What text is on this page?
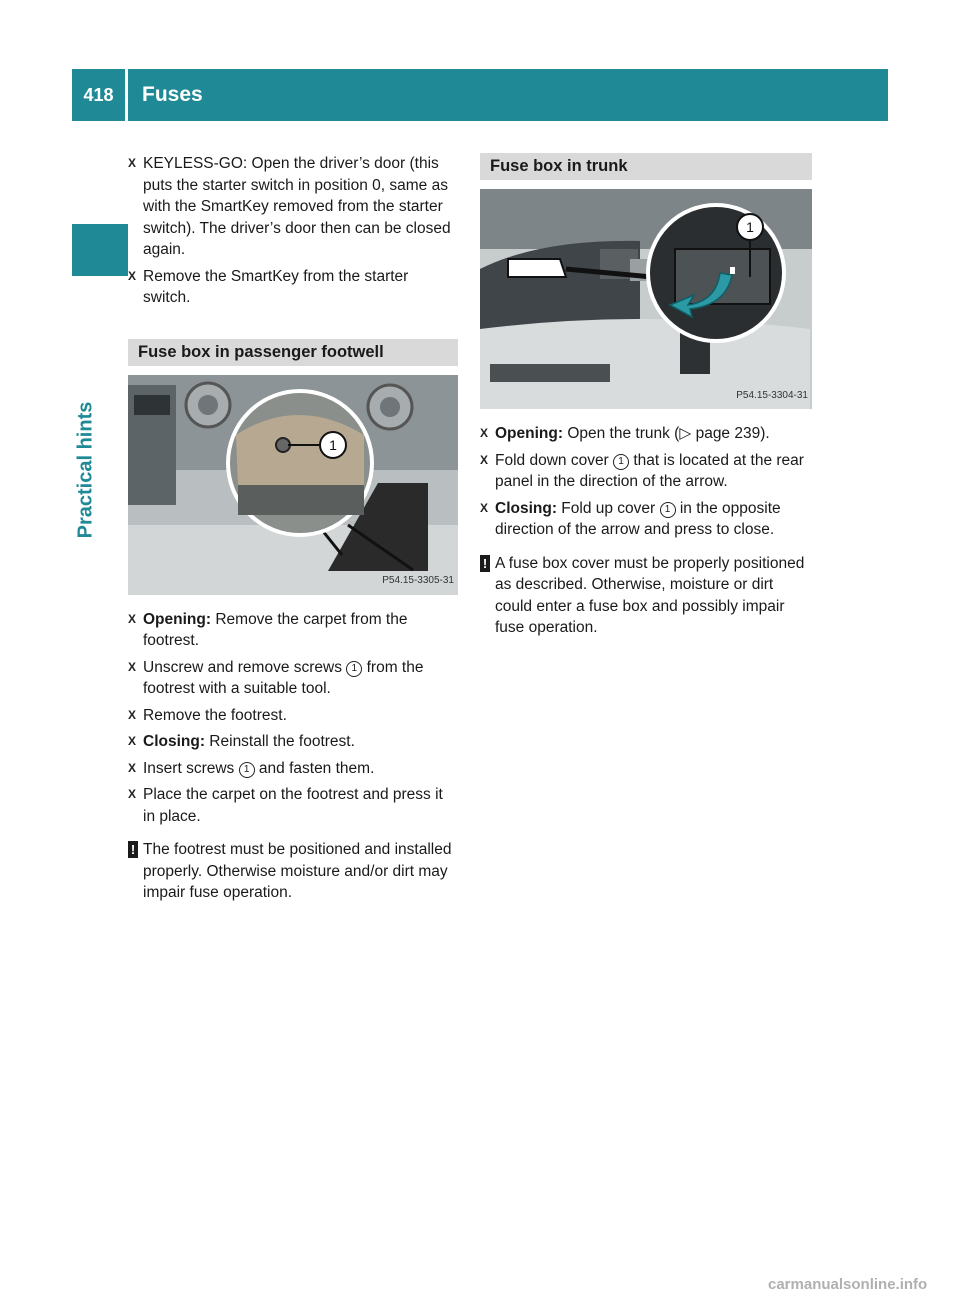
418	Fuses
Practical hints
X KEYLESS-GO: Open the driver’s door (this puts the starter switch in position 0, same as with the SmartKey removed from the starter switch). The driver’s door then can be closed again.
X Remove the SmartKey from the starter switch.
Fuse box in passenger footwell
1
P54.15-3305-31
X Opening: Remove the carpet from the footrest.
X Unscrew and remove screws 1 from the footrest with a suitable tool.
X Remove the footrest.
X Closing: Reinstall the footrest.
X Insert screws 1 and fasten them.
X Place the carpet on the footrest and press it in place.
! The footrest must be positioned and installed properly. Otherwise moisture and/or dirt may impair fuse operation.
Fuse box in trunk
1
P54.15-3304-31
X Opening: Open the trunk (▷ page 239).
X Fold down cover 1 that is located at the rear panel in the direction of the arrow.
X Closing: Fold up cover 1 in the opposite direction of the arrow and press to close.
! A fuse box cover must be properly positioned as described. Otherwise, moisture or dirt could enter a fuse box and possibly impair fuse operation.
carmanualsonline.info
